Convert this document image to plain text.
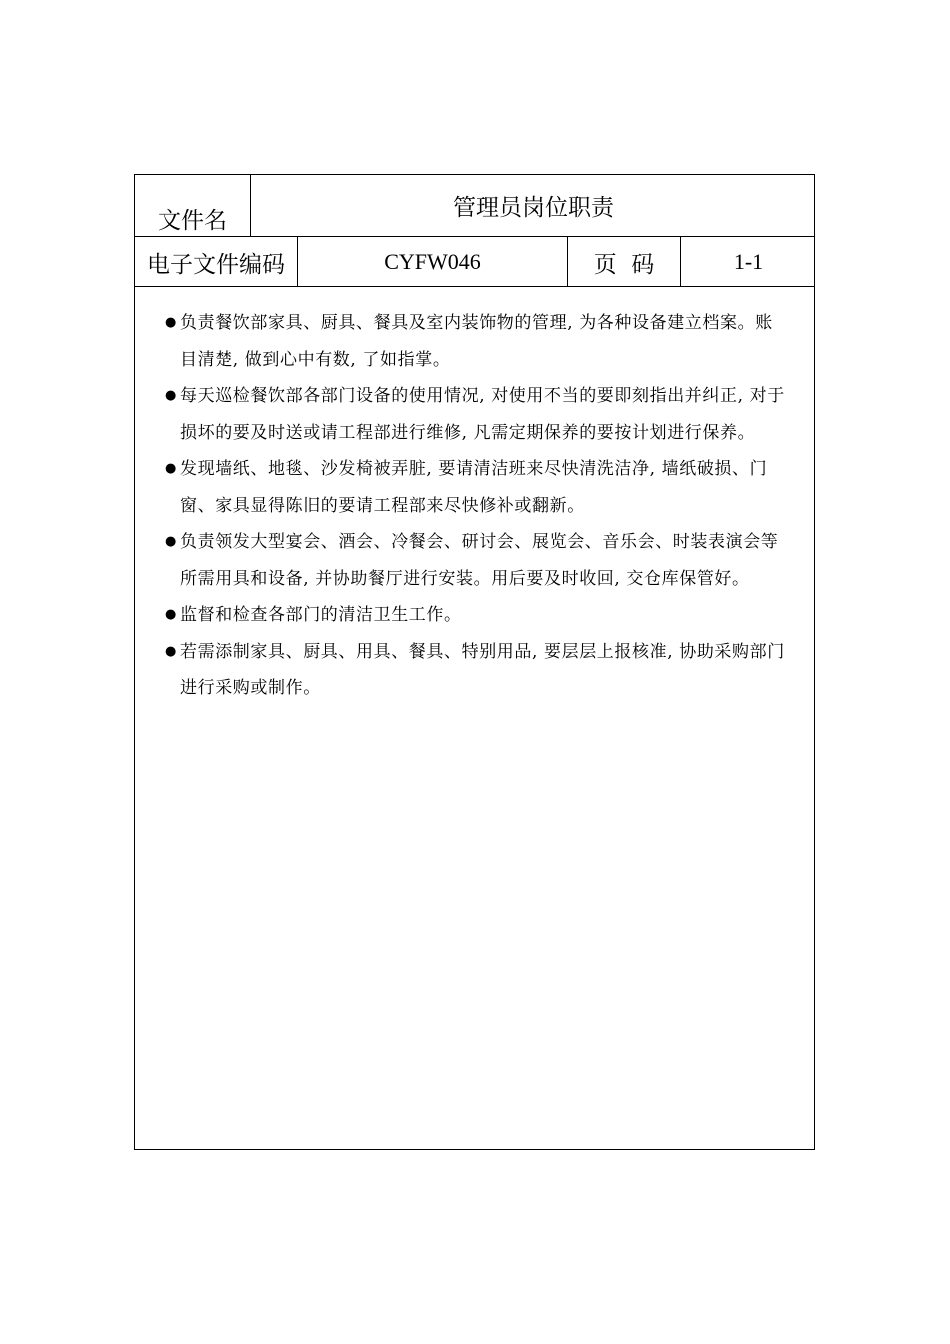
文件名	管理员岗位职责
电子文件编码	CYFW046	页  码	1-1
● 负责餐饮部家具、厨具、餐具及室内装饰物的管理, 为各种设备建立档案。账目清楚, 做到心中有数, 了如指掌。
● 每天巡检餐饮部各部门设备的使用情况, 对使用不当的要即刻指出并纠正, 对于损坏的要及时送或请工程部进行维修, 凡需定期保养的要按计划进行保养。
● 发现墙纸、地毯、沙发椅被弄脏, 要请清洁班来尽快清洗洁净, 墙纸破损、门窗、家具显得陈旧的要请工程部来尽快修补或翻新。
● 负责领发大型宴会、酒会、冷餐会、研讨会、展览会、音乐会、时装表演会等所需用具和设备, 并协助餐厅进行安装。用后要及时收回, 交仓库保管好。
● 监督和检查各部门的清洁卫生工作。
● 若需添制家具、厨具、用具、餐具、特别用品, 要层层上报核准, 协助采购部门进行采购或制作。
